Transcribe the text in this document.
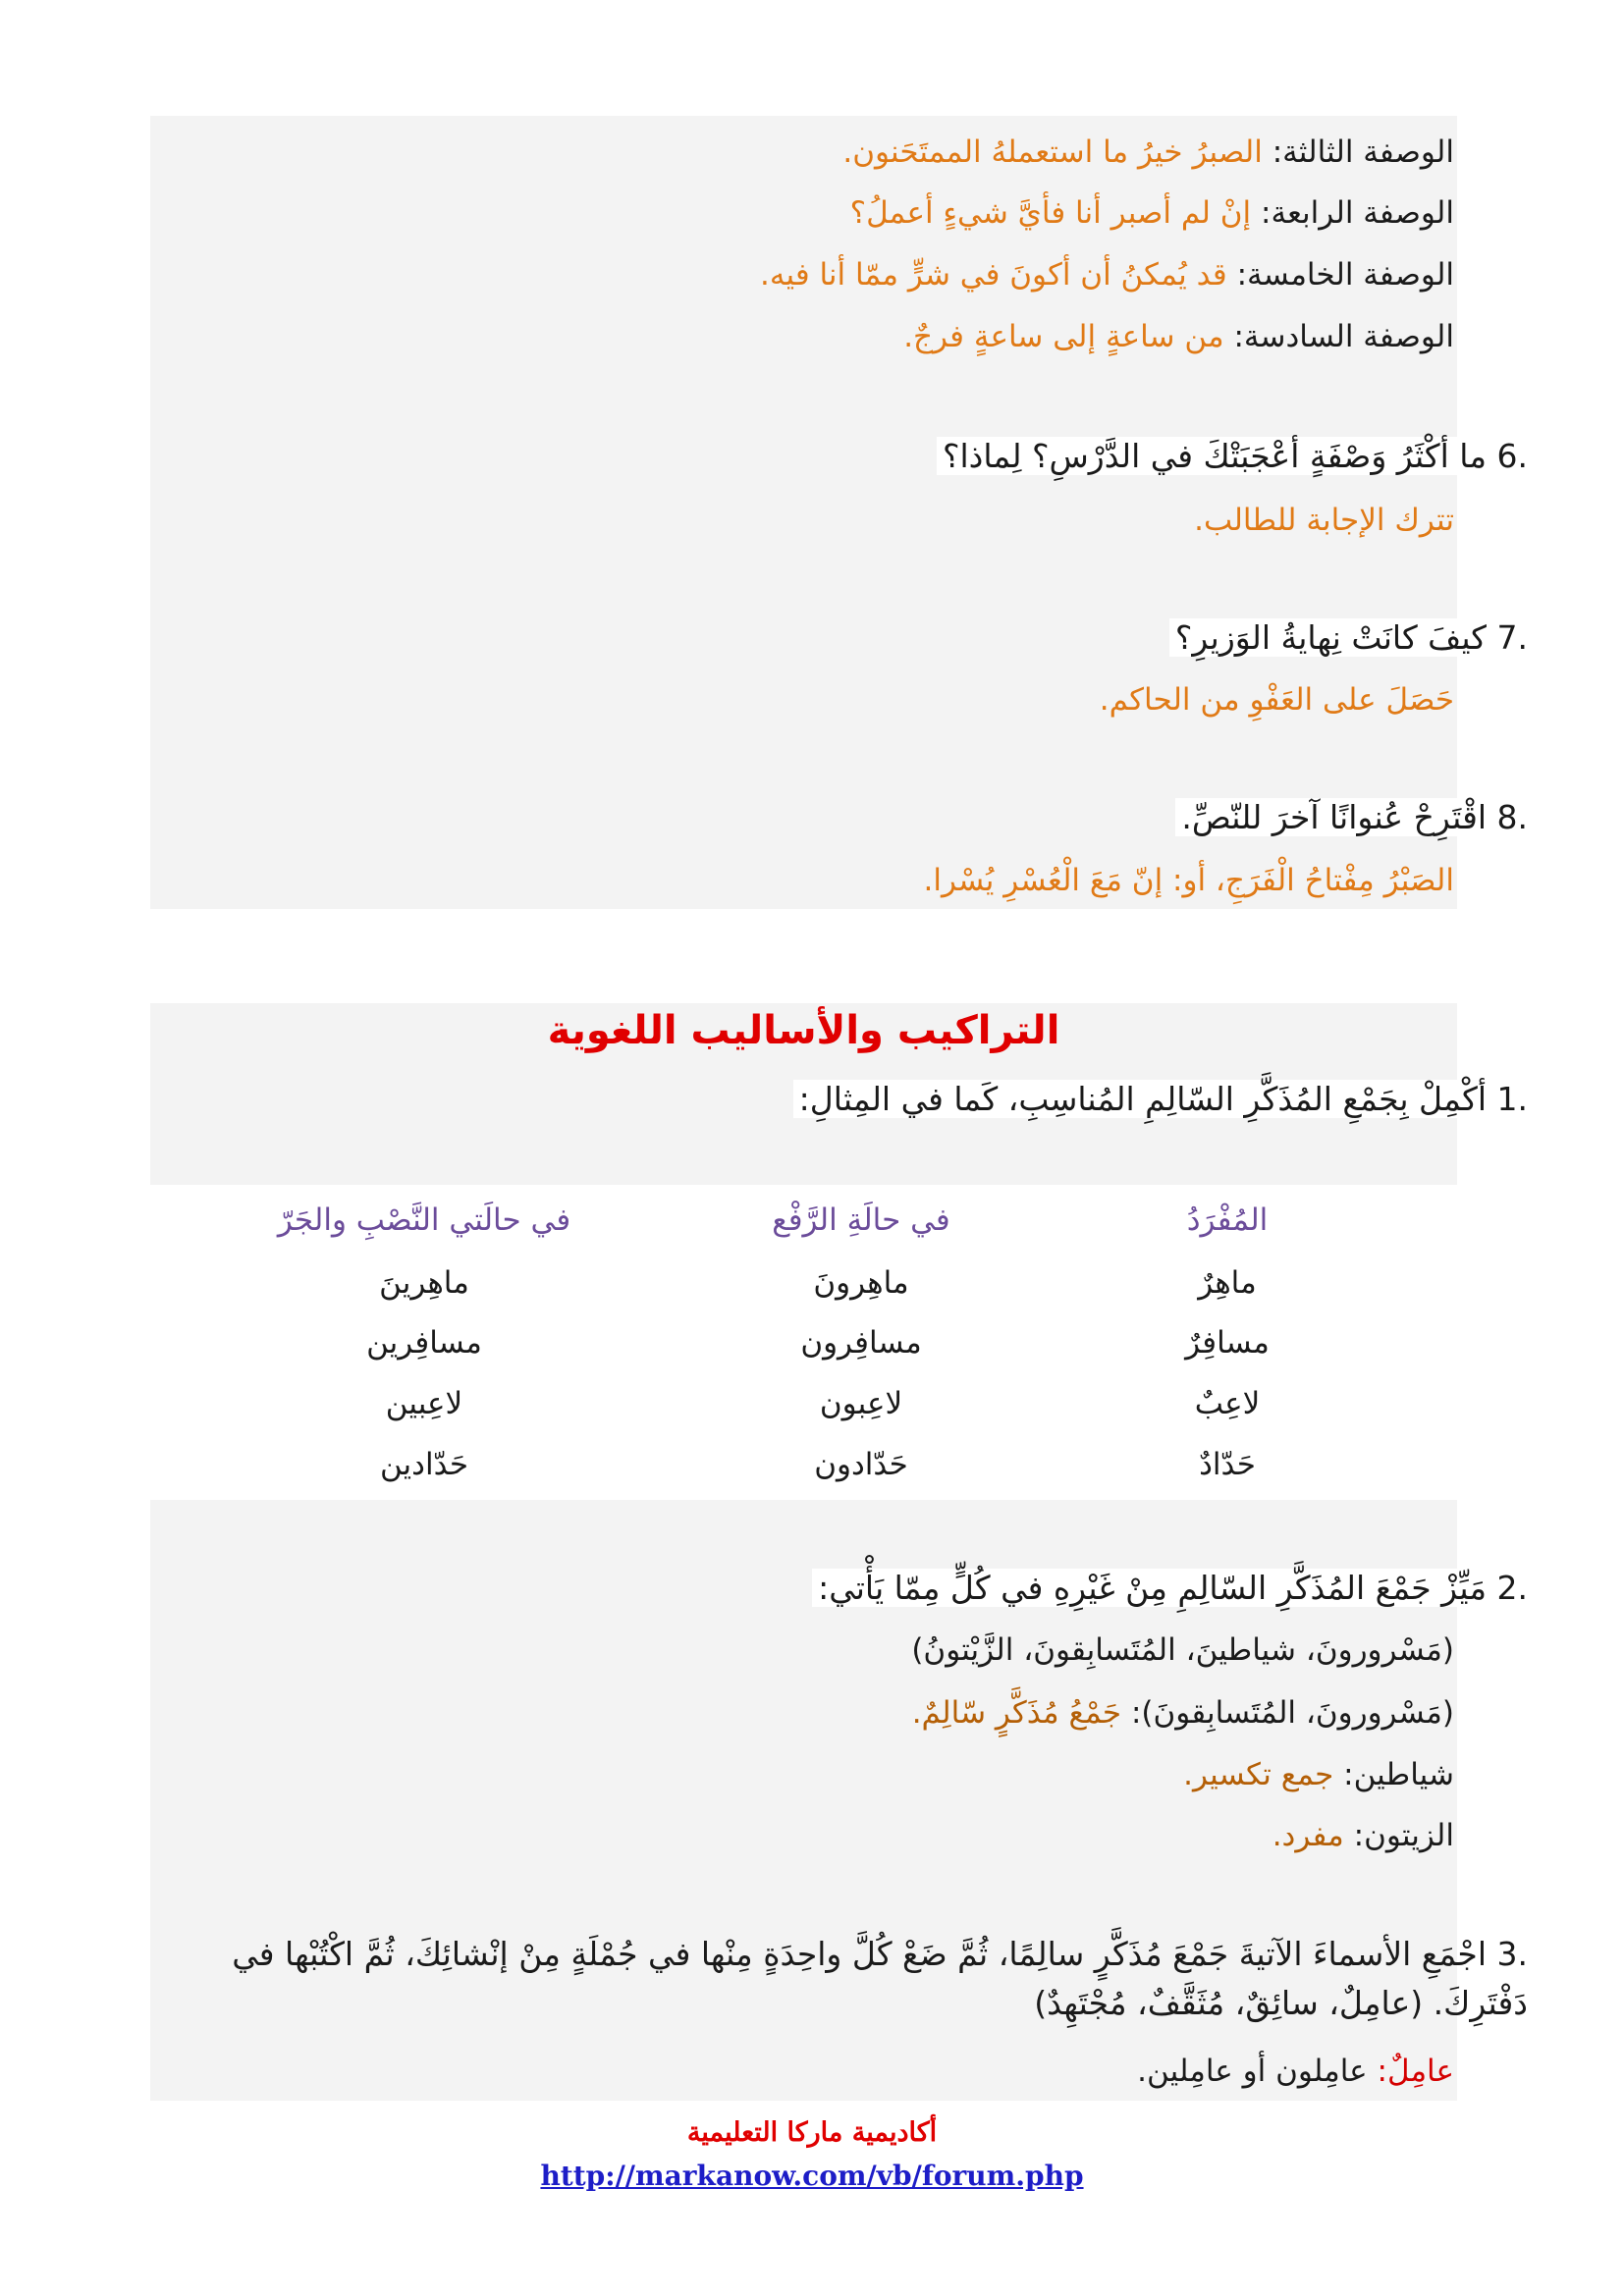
الوصفة الثالثة: الصبرُ خيرُ ما استعملهُ الممتَحَنون.
الوصفة الرابعة: إنْ لم أصبر أنا فأيَّ شيءٍ أعملُ؟
الوصفة الخامسة: قد يُمكنُ أن أكونَ في شرٍّ ممّا أنا فيه.
الوصفة السادسة: من ساعةٍ إلى ساعةٍ فرجٌ.
.6 ما أكْثَرُ وَصْفَةٍ أعْجَبَتْكَ في الدَّرْسِ؟ لِماذا؟
تترك الإجابة للطالب.
.7 كيفَ كانَتْ نِهايةُ الوَزيرِ؟
حَصَلَ على العَفْوِ من الحاكم.
.8 اقْتَرِحْ عُنوانًا آخرَ للنّصِّ.
الصَبْرُ مِفْتاحُ الْفَرَجِ، أو: إنّ مَعَ الْعُسْرِ يُسْرا.
التراكيب والأساليب اللغوية
.1 أكْمِلْ بِجَمْعِ المُذَكَّرِ السّالِمِ المُناسِبِ، كَما في المِثالِ:
المُفْرَدُ
في حالَةِ الرَّفْع
في حالَتي النَّصْبِ والجَرّ
ماهِرٌ
ماهِرونَ
ماهِرينَ
مسافِرٌ
مسافِرون
مسافِرين
لاعِبٌ
لاعِبون
لاعِبين
حَدّادٌ
حَدّادون
حَدّادين
.2 مَيِّزْ جَمْعَ المُذَكَّرِ السّالِمِ مِنْ غَيْرِهِ في كُلٍّ مِمّا يَأْتي:
(مَسْرورونَ، شياطينَ، المُتَسابِقونَ، الزَّيْتونُ)
(مَسْرورونَ، المُتَسابِقونَ): جَمْعُ مُذَكَّرٍ سّالِمٌ.
شياطين: جمع تكسير.
الزيتون: مفرد.
.3 اجْمَعِ الأسماءَ الآتيةَ جَمْعَ مُذَكَّرٍ سالِمًا، ثُمَّ ضَعْ كُلَّ واحِدَةٍ مِنْها في جُمْلَةٍ مِنْ إنْشائِكَ، ثُمَّ اكْتُبْها في دَفْتَرِكَ. (عامِلٌ، سائِقٌ، مُثَقَّفٌ، مُجْتَهِدٌ)
عامِلٌ: عامِلون أو عامِلين.
أكاديمية ماركا التعليمية
http://markanow.com/vb/forum.php
